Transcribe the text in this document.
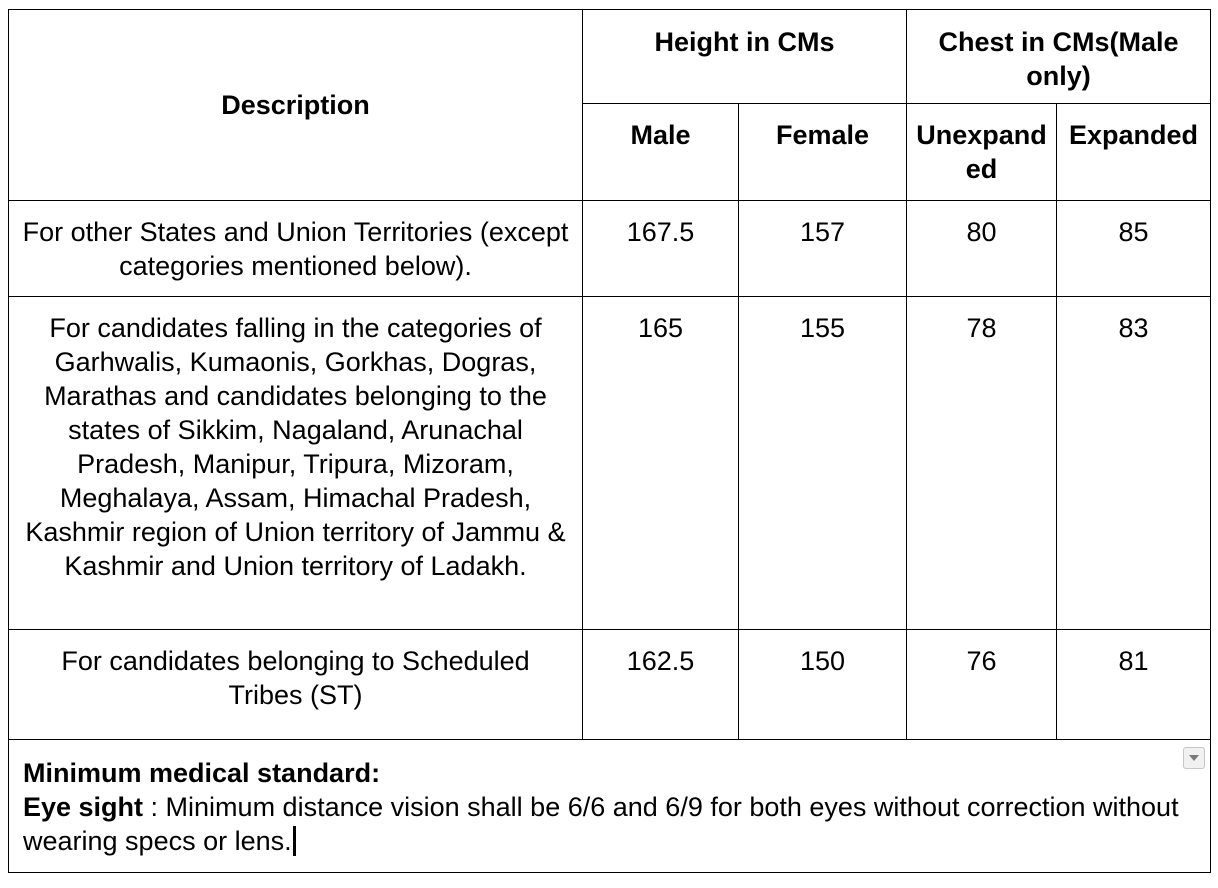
Description	Height in CMs		Chest in CMs(Male only)	
	Male	Female	Unexpanded	Expanded
For other States and Union Territories (except categories mentioned below).	167.5	157	80	85
For candidates falling in the categories of Garhwalis, Kumaonis, Gorkhas, Dogras, Marathas and candidates belonging to the states of Sikkim, Nagaland, Arunachal Pradesh, Manipur, Tripura, Mizoram, Meghalaya, Assam, Himachal Pradesh, Kashmir region of Union territory of Jammu & Kashmir and Union territory of Ladakh.	165	155	78	83
For candidates belonging to Scheduled Tribes (ST)	162.5	150	76	81

Minimum medical standard:
Eye sight : Minimum distance vision shall be 6/6 and 6/9 for both eyes without correction without wearing specs or lens.				
